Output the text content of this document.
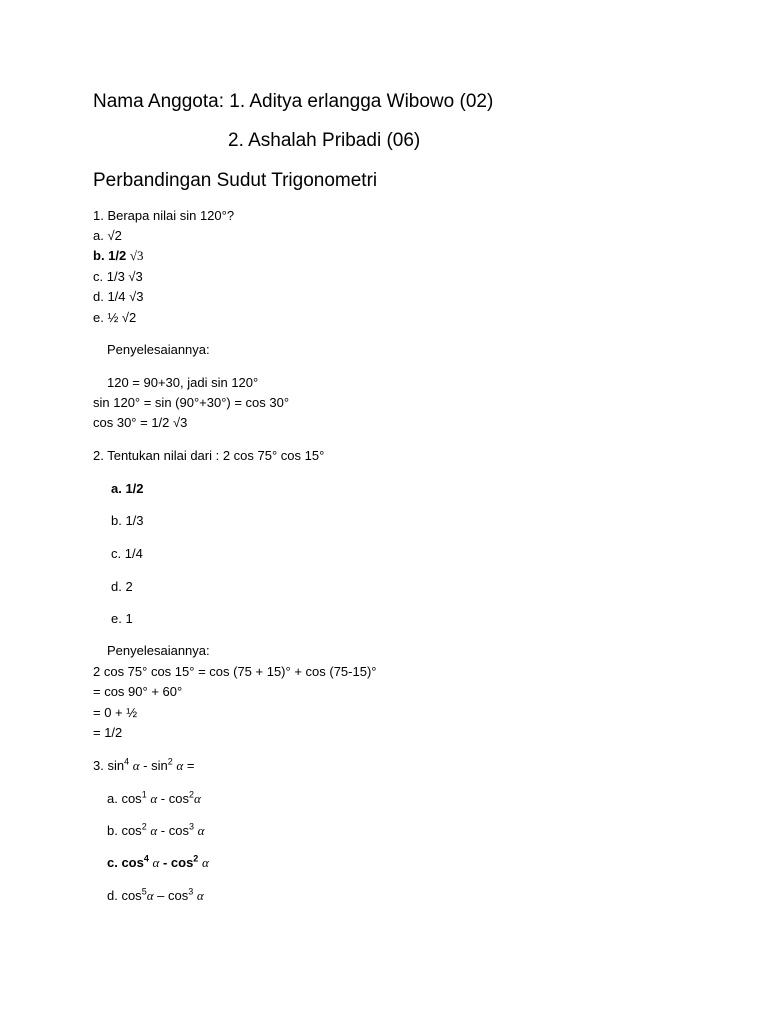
Nama Anggota: 1. Aditya erlangga Wibowo (02)
2. Ashalah Pribadi (06)
Perbandingan Sudut Trigonometri
1. Berapa nilai sin 120°?
a. √2
b. 1/2 √3
c. 1/3 √3
d. 1/4 √3
e. ½ √2
Penyelesaiannya:
120 = 90+30, jadi sin 120°
sin 120° = sin (90°+30°) = cos 30°
cos 30° = 1/2 √3
2. Tentukan nilai dari : 2 cos 75° cos 15°
a. 1/2
b. 1/3
c. 1/4
d. 2
e. 1
Penyelesaiannya:
2 cos 75° cos 15° = cos (75 + 15)° + cos (75-15)°
= cos 90° + 60°
= 0 + ½
= 1/2
3. $\sin^4 \alpha - \sin^2 \alpha$ =
a. $\cos^1 \alpha - \cos^2\alpha$
b. $\cos^2 \alpha - \cos^3 \alpha$
c. $\cos^4 \alpha - \cos^2 \alpha$
d. $\cos^5\alpha - \cos^3 \alpha$
